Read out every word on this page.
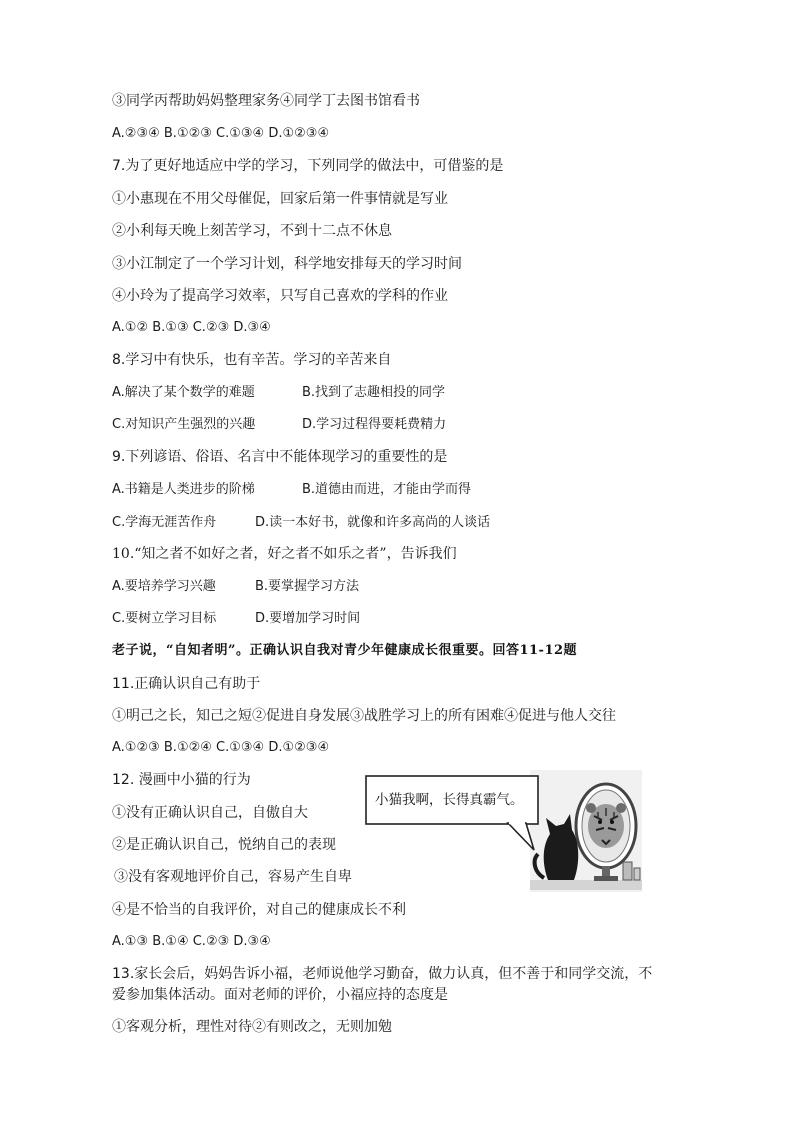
③同学丙帮助妈妈整理家务④同学丁去图书馆看书
A.②③④ B.①②③ C.①③④ D.①②③④
7.为了更好地适应中学的学习，下列同学的做法中，可借鉴的是
①小惠现在不用父母催促，回家后第一件事情就是写业
②小利每天晚上刻苦学习，不到十二点不休息
③小江制定了一个学习计划，科学地安排每天的学习时间
④小玲为了提高学习效率，只写自己喜欢的学科的作业
A.①② B.①③ C.②③ D.③④
8.学习中有快乐，也有辛苦。学习的辛苦来自
A.解决了某个数学的难题	B.找到了志趣相投的同学
C.对知识产生强烈的兴趣	D.学习过程得要耗费精力
9.下列谚语、俗语、名言中不能体现学习的重要性的是
A.书籍是人类进步的阶梯	B.道德由而进，才能由学而得
C.学海无涯苦作舟	D.读一本好书，就像和许多高尚的人谈话
10.“知之者不如好之者，好之者不如乐之者”，告诉我们
A.要培养学习兴趣	B.要掌握学习方法
C.要树立学习目标	D.要增加学习时间
老子说，“自知者明”。正确认识自我对青少年健康成长很重要。回答11-12题
11.正确认识自己有助于
①明己之长，知己之短②促进自身发展③战胜学习上的所有困难④促进与他人交往
A.①②③ B.①②④ C.①③④ D.①②③④
12. 漫画中小猫的行为
①没有正确认识自己，自傲自大
②是正确认识自己，悦纳自己的表现
③没有客观地评价自己，容易产生自卑
④是不恰当的自我评价，对自己的健康成长不利
A.①③ B.①④ C.②③ D.③④
13.家长会后，妈妈告诉小福，老师说他学习勤奋，做力认真，但不善于和同学交流，不
爱参加集体活动。面对老师的评价，小福应持的态度是
①客观分析，理性对待②有则改之，无则加勉
小猫我啊，长得真霸气。
